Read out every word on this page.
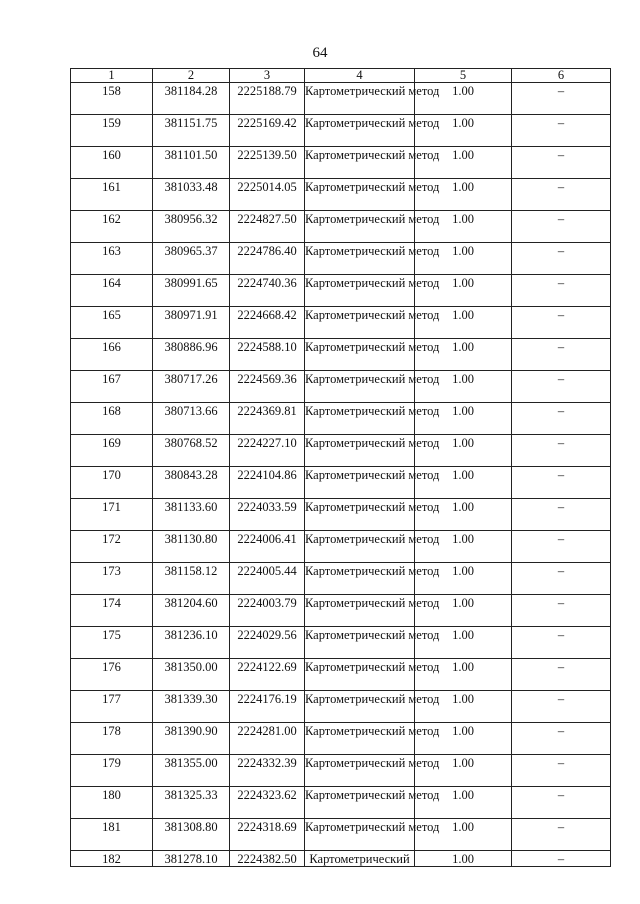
64
1	2	3	4	5	6
158	381184.28	2225188.79	Картометрический метод	1.00	–
159	381151.75	2225169.42	Картометрический метод	1.00	–
160	381101.50	2225139.50	Картометрический метод	1.00	–
161	381033.48	2225014.05	Картометрический метод	1.00	–
162	380956.32	2224827.50	Картометрический метод	1.00	–
163	380965.37	2224786.40	Картометрический метод	1.00	–
164	380991.65	2224740.36	Картометрический метод	1.00	–
165	380971.91	2224668.42	Картометрический метод	1.00	–
166	380886.96	2224588.10	Картометрический метод	1.00	–
167	380717.26	2224569.36	Картометрический метод	1.00	–
168	380713.66	2224369.81	Картометрический метод	1.00	–
169	380768.52	2224227.10	Картометрический метод	1.00	–
170	380843.28	2224104.86	Картометрический метод	1.00	–
171	381133.60	2224033.59	Картометрический метод	1.00	–
172	381130.80	2224006.41	Картометрический метод	1.00	–
173	381158.12	2224005.44	Картометрический метод	1.00	–
174	381204.60	2224003.79	Картометрический метод	1.00	–
175	381236.10	2224029.56	Картометрический метод	1.00	–
176	381350.00	2224122.69	Картометрический метод	1.00	–
177	381339.30	2224176.19	Картометрический метод	1.00	–
178	381390.90	2224281.00	Картометрический метод	1.00	–
179	381355.00	2224332.39	Картометрический метод	1.00	–
180	381325.33	2224323.62	Картометрический метод	1.00	–
181	381308.80	2224318.69	Картометрический метод	1.00	–
182	381278.10	2224382.50	Картометрический	1.00	–
